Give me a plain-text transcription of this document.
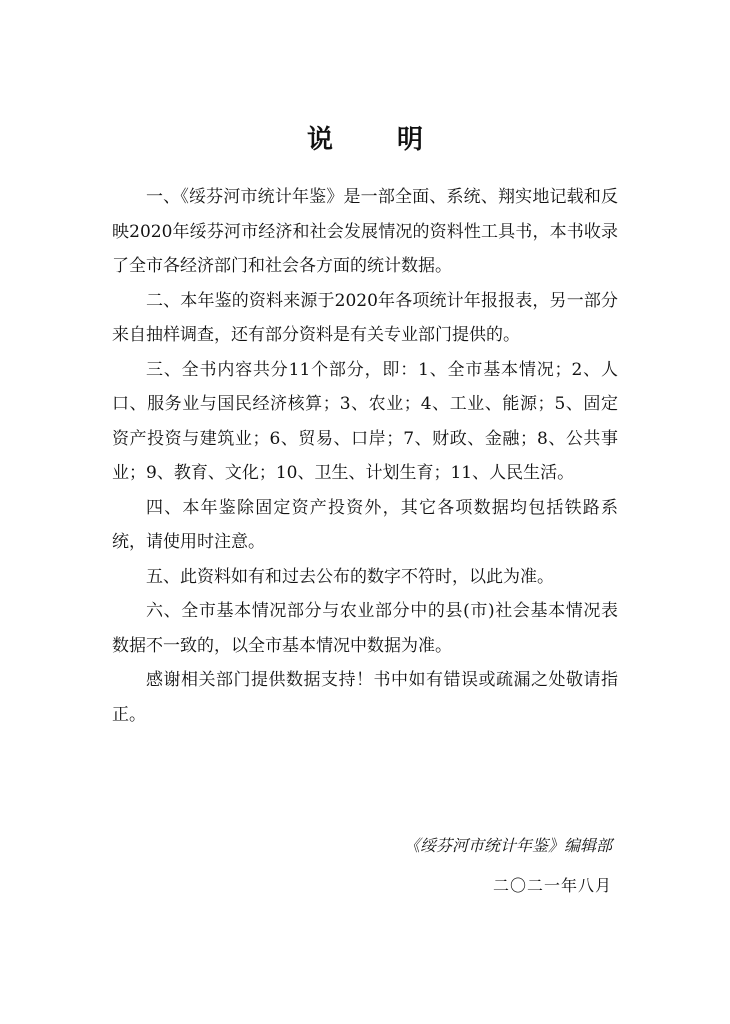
说 明

一、《绥芬河市统计年鉴》是一部全面、系统、翔实地记载和反映2020年绥芬河市经济和社会发展情况的资料性工具书，本书收录了全市各经济部门和社会各方面的统计数据。

二、本年鉴的资料来源于2020年各项统计年报报表，另一部分来自抽样调查，还有部分资料是有关专业部门提供的。

三、全书内容共分11个部分，即：1、全市基本情况；2、人口、服务业与国民经济核算；3、农业；4、工业、能源；5、固定资产投资与建筑业；6、贸易、口岸；7、财政、金融；8、公共事业；9、教育、文化；10、卫生、计划生育；11、人民生活。

四、本年鉴除固定资产投资外，其它各项数据均包括铁路系统，请使用时注意。

五、此资料如有和过去公布的数字不符时，以此为准。

六、全市基本情况部分与农业部分中的县(市)社会基本情况表数据不一致的，以全市基本情况中数据为准。

感谢相关部门提供数据支持！书中如有错误或疏漏之处敬请指正。

《绥芬河市统计年鉴》编辑部
二〇二一年八月
